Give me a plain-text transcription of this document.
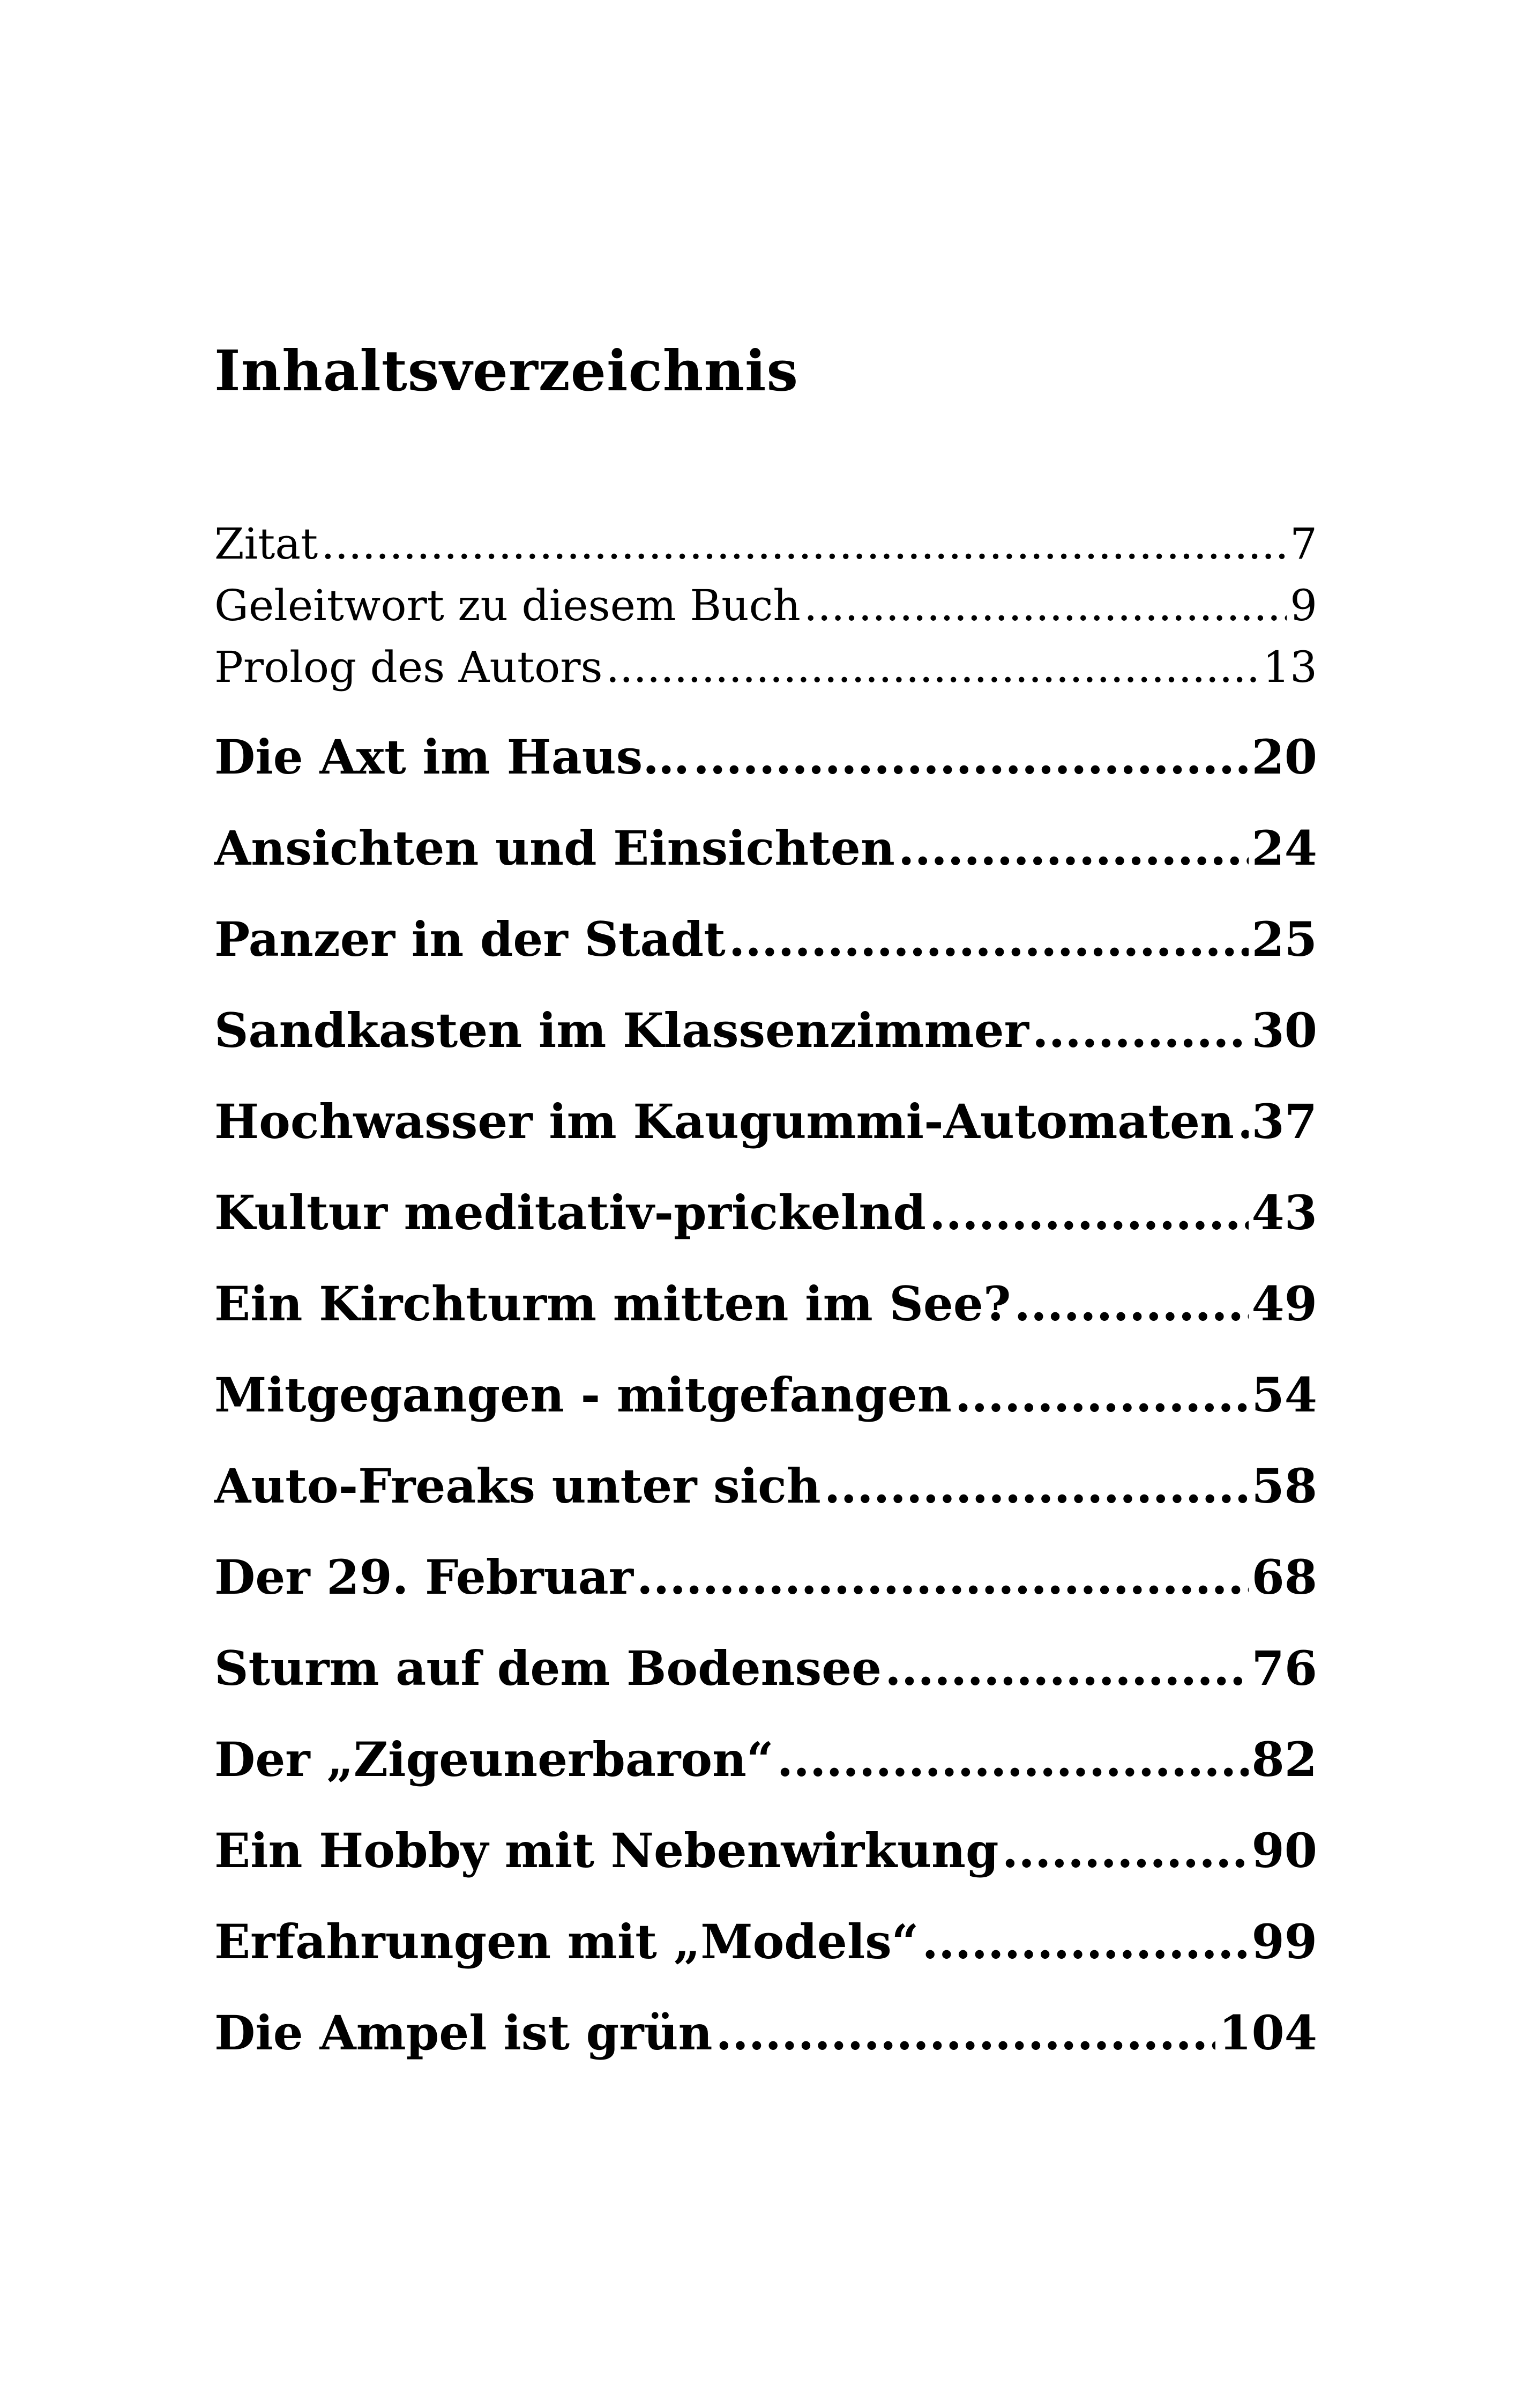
Inhaltsverzeichnis
Zitat .....	7
Geleitwort zu diesem Buch .....	9
Prolog des Autors .....	13
Die Axt im Haus… .....	20
Ansichten und Einsichten .....	24
Panzer in der Stadt .....	25
Sandkasten im Klassenzimmer .....	30
Hochwasser im Kaugummi-Automaten ..... 37
Kultur meditativ-prickelnd .....	43
Ein Kirchturm mitten im See? .....	49
Mitgegangen - mitgefangen .....	54
Auto-Freaks unter sich .....	58
Der 29. Februar .....	68
Sturm auf dem Bodensee .....	76
Der „Zigeunerbaron“ .....	82
Ein Hobby mit Nebenwirkung .....	90
Erfahrungen mit „Models“ .....	99
Die Ampel ist grün .....	104
